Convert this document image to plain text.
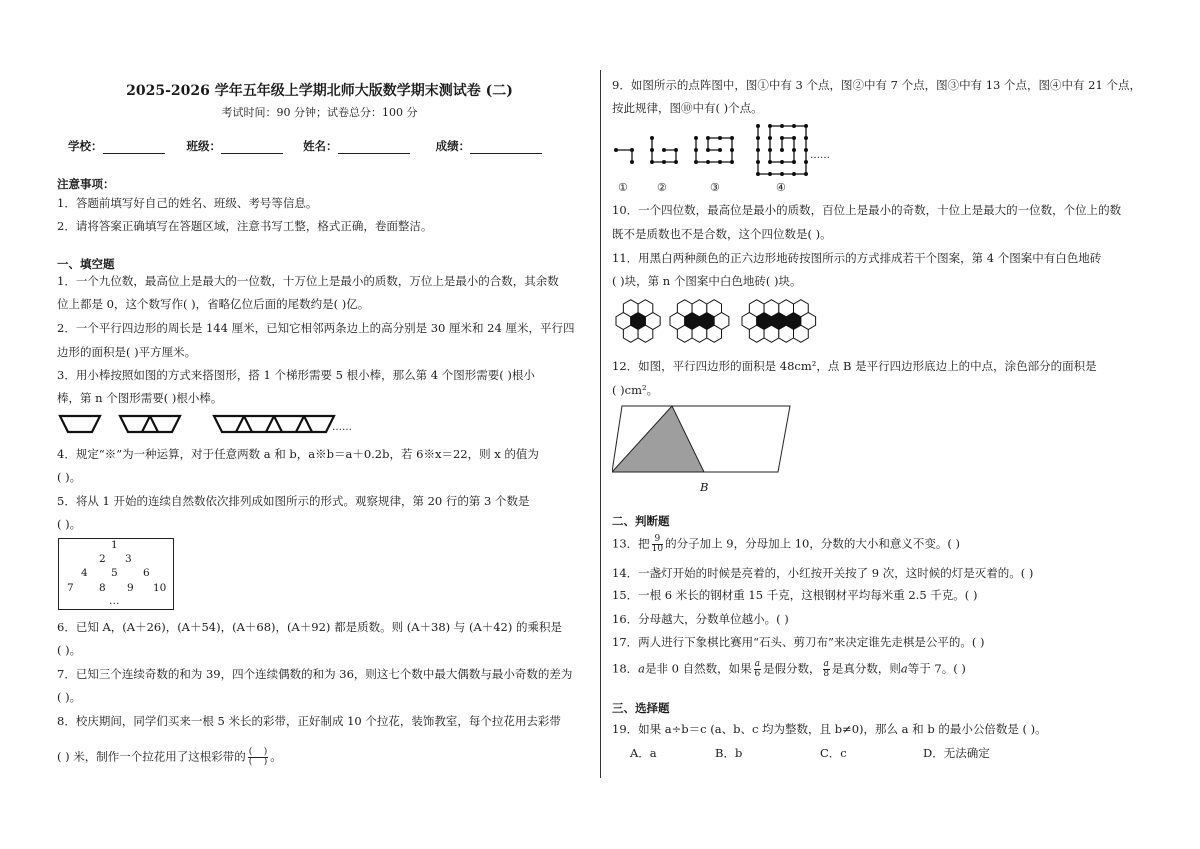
2025-2026 学年五年级上学期北师大版数学期末测试卷 (二)
考试时间：90 分钟；试卷总分：100 分
学校：	班级：	姓名：	成绩：
注意事项：
1．答题前填写好自己的姓名、班级、考号等信息。
2．请将答案正确填写在答题区域，注意书写工整，格式正确，卷面整洁。
一、填空题
1．一个九位数，最高位上是最大的一位数，十万位上是最小的质数，万位上是最小的合数，其余数
位上都是 0，这个数写作( )，省略亿位后面的尾数约是( )亿。
2．一个平行四边形的周长是 144 厘米，已知它相邻两条边上的高分别是 30 厘米和 24 厘米，平行四
边形的面积是( )平方厘米。
3．用小棒按照如图的方式来搭图形，搭 1 个梯形需要 5 根小棒，那么第 4 个图形需要( )根小
棒，第 n 个图形需要( )根小棒。
……
4．规定“※”为一种运算，对于任意两数 a 和 b，a※b＝a＋0.2b，若 6※x＝22，则 x 的值为
( )。
5．将从 1 开始的连续自然数依次排列成如图所示的形式。观察规律，第 20 行的第 3 个数是
( )。
1
2 3
4 5 6
7 8 9 10
…
6．已知 A，(A＋26)，(A＋54)，(A＋68)，(A＋92) 都是质数。则 (A＋38) 与 (A＋42) 的乘积是
( )。
7．已知三个连续奇数的和为 39，四个连续偶数的和为 36，则这七个数中最大偶数与最小奇数的差为
( )。
8．校庆期间，同学们买来一根 5 米长的彩带，正好制成 10 个拉花，装饰教室，每个拉花用去彩带
( ) 米，制作一个拉花用了这根彩带的 $\frac{( )}{( )}$ 。
9．如图所示的点阵图中，图①中有 3 个点，图②中有 7 个点，图③中有 13 个点，图④中有 21 个点，
按此规律，图⑩中有( )个点。
……
①	②	③	④
10．一个四位数，最高位是最小的质数，百位上是最小的奇数，十位上是最大的一位数，个位上的数
既不是质数也不是合数，这个四位数是( )。
11．用黑白两种颜色的正六边形地砖按图所示的方式排成若干个图案，第 4 个图案中有白色地砖
( )块，第 n 个图案中白色地砖( )块。
12．如图，平行四边形的面积是 48cm²，点 B 是平行四边形底边上的中点，涂色部分的面积是
( )cm²。
B
二、判断题
13．把 $\frac{9}{10}$ 的分子加上 9，分母加上 10，分数的大小和意义不变。( )
14．一盏灯开始的时候是亮着的，小红按开关按了 9 次，这时候的灯是灭着的。( )
15．一根 6 米长的钢材重 15 千克，这根钢材平均每米重 2.5 千克。( )
16．分母越大，分数单位越小。( )
17．两人进行下象棋比赛用“石头、剪刀布”来决定谁先走棋是公平的。( )
18．a是非 0 自然数，如果 $\frac{a}{6}$ 是假分数， $\frac{a}{8}$ 是真分数，则a等于 7。( )
三、选择题
19．如果 a÷b＝c (a、b、c 均为整数，且 b≠0)，那么 a 和 b 的最小公倍数是 ( )。
A．a	B．b	C．c	D．无法确定
